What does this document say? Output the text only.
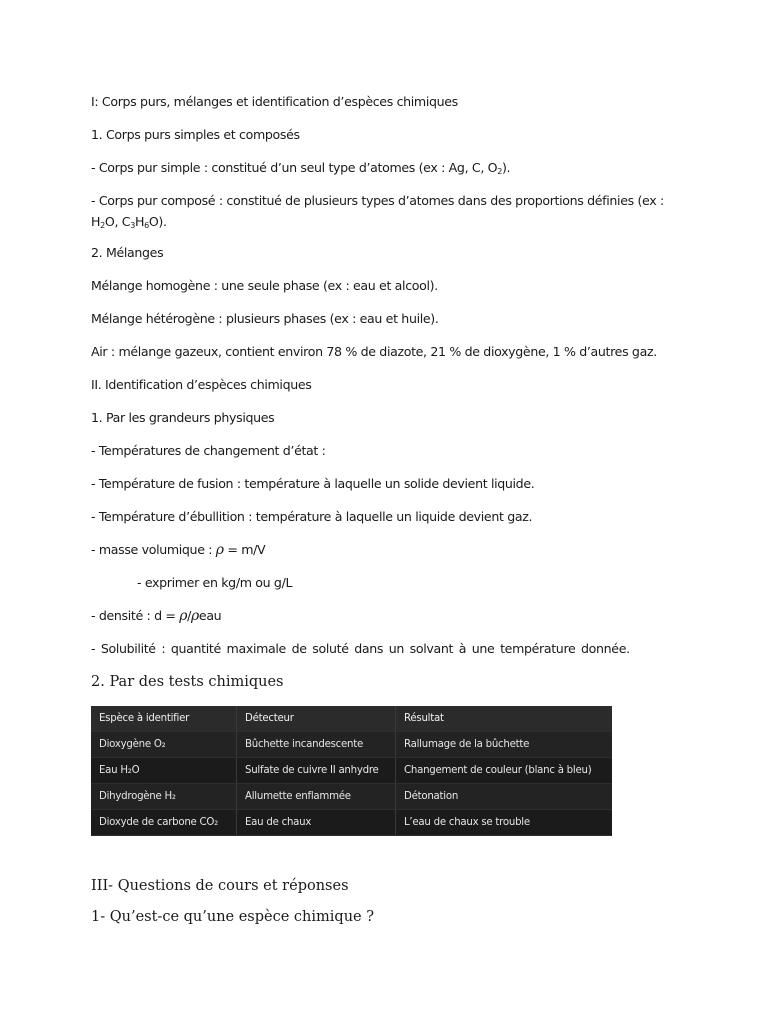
I: Corps purs, mélanges et identification d’espèces chimiques
1. Corps purs simples et composés
- Corps pur simple : constitué d’un seul type d’atomes (ex : Ag, C, $O_2$).
- Corps pur composé : constitué de plusieurs types d’atomes dans des proportions définies (ex : $H_2O$, $C_3H_6O$).
2. Mélanges
Mélange homogène : une seule phase (ex : eau et alcool).
Mélange hétérogène : plusieurs phases (ex : eau et huile).
Air : mélange gazeux, contient environ 78 % de diazote, 21 % de dioxygène, 1 % d’autres gaz.
II. Identification d’espèces chimiques
1. Par les grandeurs physiques
- Températures de changement d’état :
- Température de fusion : température à laquelle un solide devient liquide.
- Température d’ébullition : température à laquelle un liquide devient gaz.
- masse volumique : ρ = m/V
- exprimer en kg/m ou g/L
- densité : d = ρ/ρeau
- Solubilité : quantité maximale de soluté dans un solvant à une température donnée.
2. Par des tests chimiques
Espèce à identifier	Détecteur	Résultat
Dioxygène O₂	Bûchette incandescente	Rallumage de la bûchette
Eau H₂O	Sulfate de cuivre II anhydre	Changement de couleur (blanc à bleu)
Dihydrogène H₂	Allumette enflammée	Détonation
Dioxyde de carbone CO₂	Eau de chaux	L’eau de chaux se trouble
III- Questions de cours et réponses
1- Qu’est-ce qu’une espèce chimique ?
